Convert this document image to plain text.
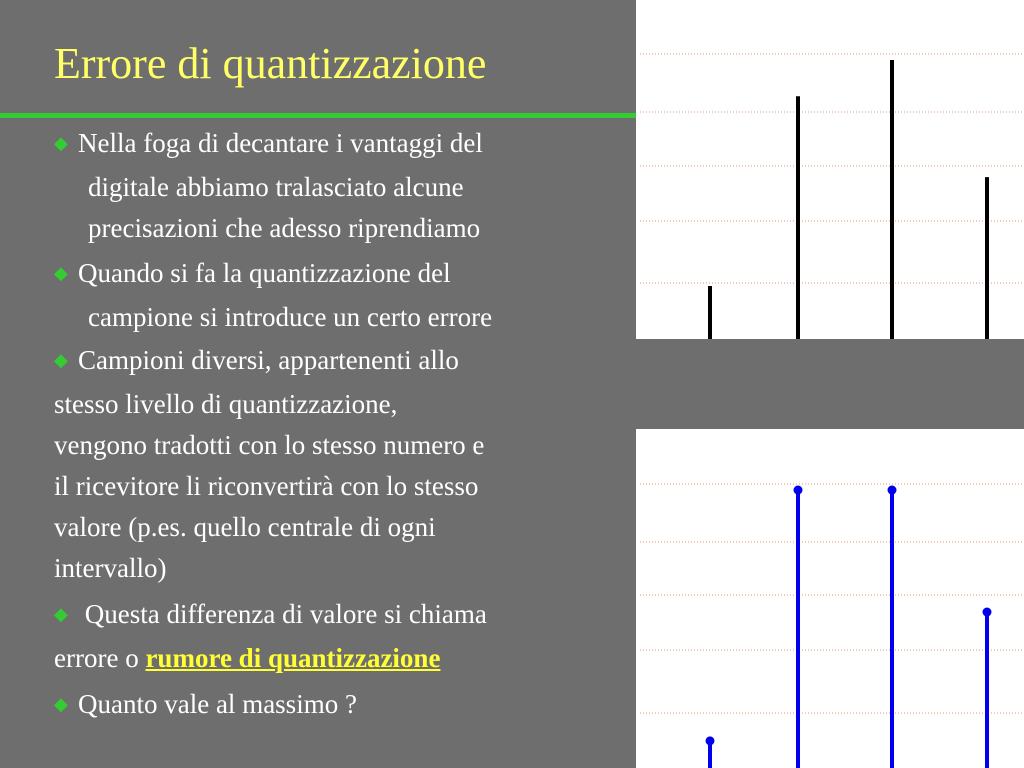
Errore di quantizzazione
◆ Nella foga di decantare i vantaggi del
digitale abbiamo tralasciato alcune
precisazioni che adesso riprendiamo
◆ Quando si fa la quantizzazione del
campione si introduce un certo errore
◆ Campioni diversi, appartenenti allo
stesso livello di quantizzazione,
vengono tradotti con lo stesso numero e
il ricevitore li riconvertirà con lo stesso
valore (p.es. quello centrale di ogni
intervallo)
◆ Questa differenza di valore si chiama
errore o rumore di quantizzazione
◆ Quanto vale al massimo ?
